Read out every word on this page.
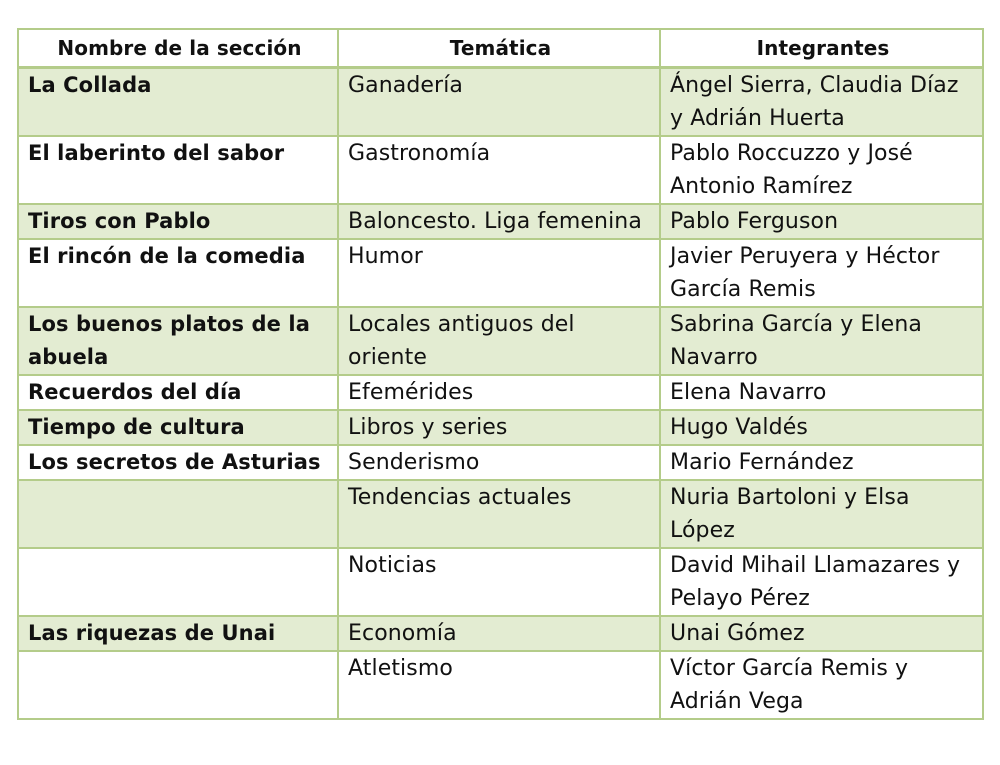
Nombre de la sección	Temática	Integrantes
La Collada	Ganadería	Ángel Sierra, Claudia Díaz y Adrián Huerta
El laberinto del sabor	Gastronomía	Pablo Roccuzzo y José Antonio Ramírez
Tiros con Pablo	Baloncesto. Liga femenina	Pablo Ferguson
El rincón de la comedia	Humor	Javier Peruyera y Héctor García Remis
Los buenos platos de la abuela	Locales antiguos del oriente	Sabrina García y Elena Navarro
Recuerdos del día	Efemérides	Elena Navarro
Tiempo de cultura	Libros y series	Hugo Valdés
Los secretos de Asturias	Senderismo	Mario Fernández
	Tendencias actuales	Nuria Bartoloni y Elsa López
	Noticias	David Mihail Llamazares y Pelayo Pérez
Las riquezas de Unai	Economía	Unai Gómez
	Atletismo	Víctor García Remis y Adrián Vega
